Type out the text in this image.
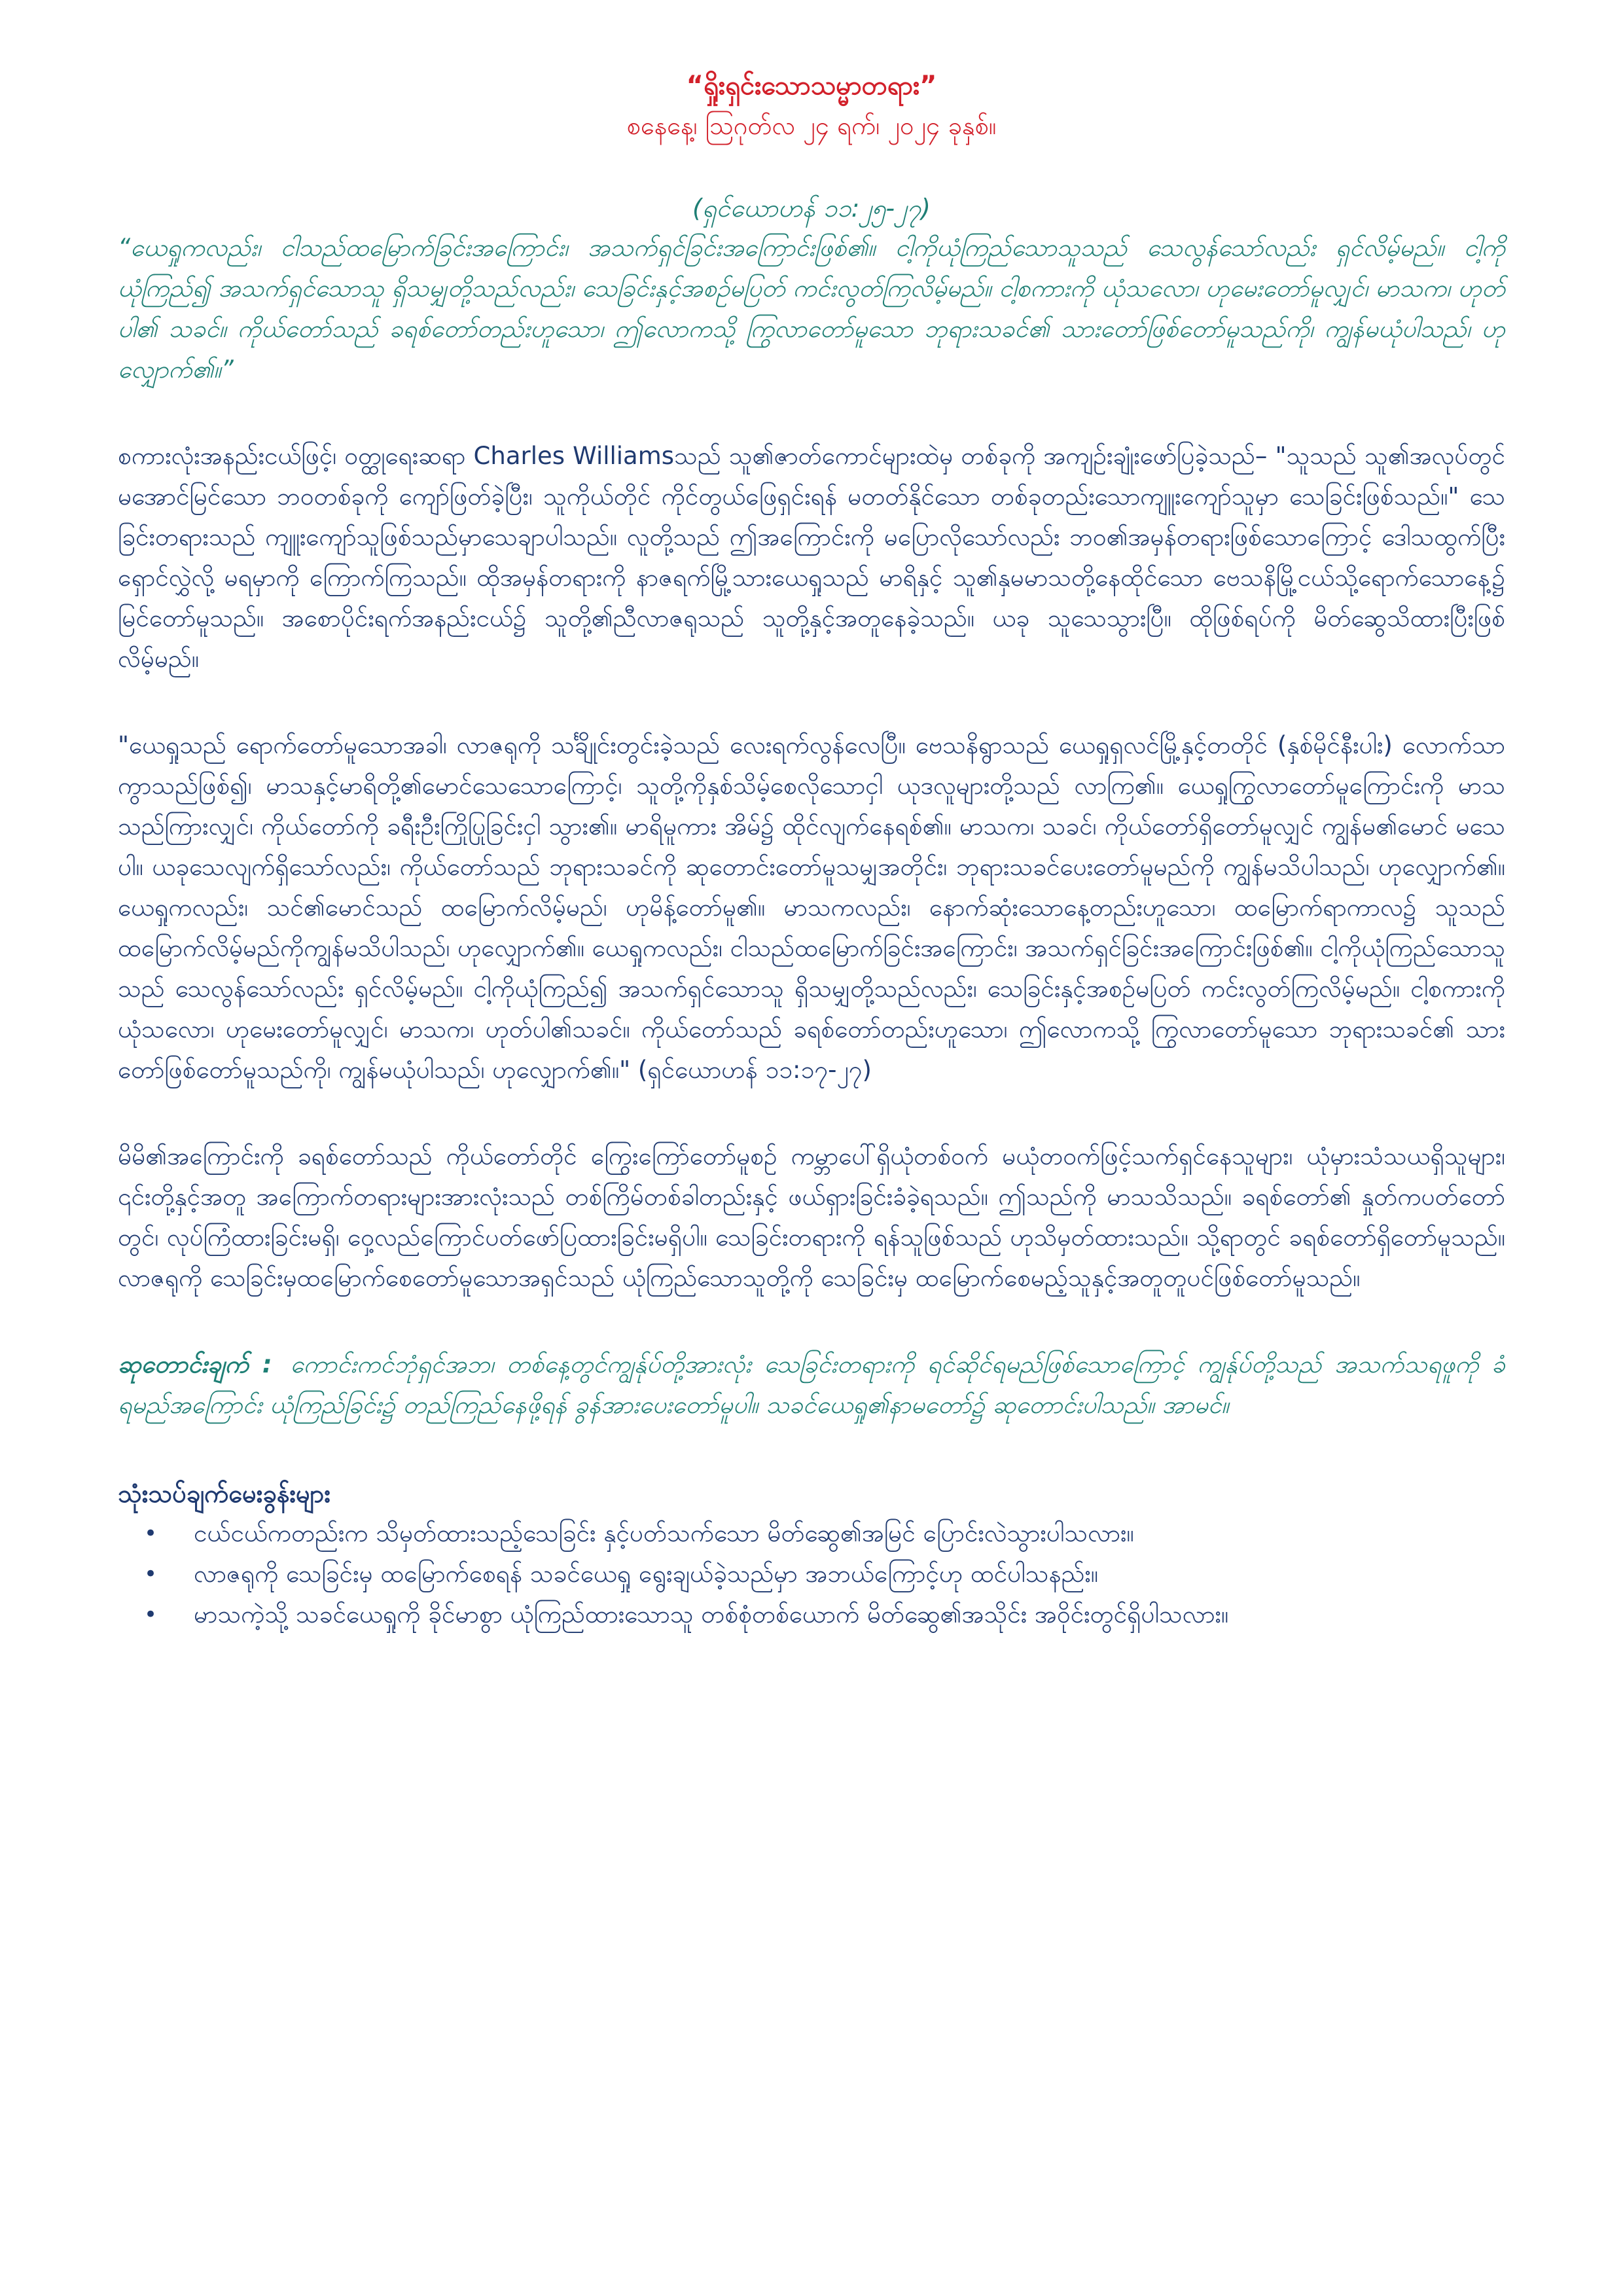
“ရှိုးရှင်းသောသမ္မာတရား”

စနေနေ့၊ ဩဂုတ်လ ၂၄ ရက်၊ ၂၀၂၄ ခုနှစ်။

(ရှင်ယောဟန် ၁၁:၂၅-၂၇)

“ယေရှုကလည်း၊ ငါသည်ထမြောက်ခြင်းအကြောင်း၊ အသက်ရှင်ခြင်းအကြောင်းဖြစ်၏။ ငါ့ကိုယုံကြည်သောသူသည် သေလွန်သော်လည်း ရှင်လိမ့်မည်။ ငါ့ကိုယုံကြည်၍ အသက်ရှင်သောသူ ရှိသမျှတို့သည်လည်း၊ သေခြင်းနှင့်အစဉ်မပြတ် ကင်းလွတ်ကြလိမ့်မည်။ ငါ့စကားကို ယုံသလော၊ ဟုမေးတော်မူလျှင်၊ မာသက၊ ဟုတ်ပါ၏ သခင်။ ကိုယ်တော်သည် ခရစ်တော်တည်းဟူသော၊ ဤလောကသို့ ကြွလာတော်မူသော ဘုရားသခင်၏ သားတော်ဖြစ်တော်မူသည်ကို၊ ကျွန်မယုံပါသည်၊ ဟုလျှောက်၏။”

စကားလုံးအနည်းငယ်ဖြင့်၊ ဝတ္ထုရေးဆရာ Charles Williamsသည် သူ၏ဇာတ်ကောင်များထဲမှ တစ်ခုကို အကျဉ်းချုံးဖော်ပြခဲ့သည်– "သူသည် သူ၏အလုပ်တွင်မအောင်မြင်သော ဘဝတစ်ခုကို ကျော်ဖြတ်ခဲ့ပြီး၊ သူကိုယ်တိုင် ကိုင်တွယ်ဖြေရှင်းရန် မတတ်နိုင်သော တစ်ခုတည်းသောကျူးကျော်သူမှာ သေခြင်းဖြစ်သည်။" သေခြင်းတရားသည် ကျူးကျော်သူဖြစ်သည်မှာသေချာပါသည်။ လူတို့သည် ဤအကြောင်းကို မပြောလိုသော်လည်း ဘဝ၏အမှန်တရားဖြစ်သောကြောင့် ဒေါသထွက်ပြီးရှောင်လွှဲလို့ မရမှာကို ကြောက်ကြသည်။ ထိုအမှန်တရားကို နာဇရက်မြို့သားယေရှုသည် မာရိနှင့် သူ၏နှမမာသတို့နေထိုင်သော ဗေသနိမြို့ငယ်သို့ရောက်သောနေ့၌ မြင်တော်မူသည်။ အစောပိုင်းရက်အနည်းငယ်၌ သူတို့၏ညီလာဇရုသည် သူတို့နှင့်အတူနေခဲ့သည်။ ယခု သူသေသွားပြီ။ ထိုဖြစ်ရပ်ကို မိတ်ဆွေသိထားပြီးဖြစ်လိမ့်မည်။

"ယေရှုသည် ရောက်တော်မူသောအခါ၊ လာဇရုကို သင်္ချိုင်းတွင်းခဲ့သည် လေးရက်လွန်လေပြီ။ ဗေသနိရွာသည် ယေရှုရှလင်မြို့နှင့်တတိုင် (နှစ်မိုင်နီးပါး) လောက်သာ ကွာသည်ဖြစ်၍၊ မာသနှင့်မာရိတို့၏မောင်သေသောကြောင့်၊ သူတို့ကိုနှစ်သိမ့်စေလိုသောငှါ ယုဒလူများတို့သည် လာကြ၏။ ယေရှုကြွလာတော်မူကြောင်းကို မာသသည်ကြားလျှင်၊ ကိုယ်တော်ကို ခရီးဦးကြိုပြုခြင်းငှါ သွား၏။ မာရိမူကား အိမ်၌ ထိုင်လျက်နေရစ်၏။ မာသက၊ သခင်၊ ကိုယ်တော်ရှိတော်မူလျှင် ကျွန်မ၏မောင် မသေပါ။ ယခုသေလျက်ရှိသော်လည်း၊ ကိုယ်တော်သည် ဘုရားသခင်ကို ဆုတောင်းတော်မူသမျှအတိုင်း၊ ဘုရားသခင်ပေးတော်မူမည်ကို ကျွန်မသိပါသည်၊ ဟုလျှောက်၏။ ယေရှုကလည်း၊ သင်၏မောင်သည် ထမြောက်လိမ့်မည်၊ ဟုမိန့်တော်မူ၏။ မာသကလည်း၊ နောက်ဆုံးသောနေ့တည်းဟူသော၊ ထမြောက်ရာကာလ၌ သူသည်ထမြောက်လိမ့်မည်ကိုကျွန်မသိပါသည်၊ ဟုလျှောက်၏။ ယေရှုကလည်း၊ ငါသည်ထမြောက်ခြင်းအကြောင်း၊ အသက်ရှင်ခြင်းအကြောင်းဖြစ်၏။ ငါ့ကိုယုံကြည်သောသူသည် သေလွန်သော်လည်း ရှင်လိမ့်မည်။ ငါ့ကိုယုံကြည်၍ အသက်ရှင်သောသူ ရှိသမျှတို့သည်လည်း၊ သေခြင်းနှင့်အစဉ်မပြတ် ကင်းလွတ်ကြလိမ့်မည်။ ငါ့စကားကို ယုံသလော၊ ဟုမေးတော်မူလျှင်၊ မာသက၊ ဟုတ်ပါ၏သခင်။ ကိုယ်တော်သည် ခရစ်တော်တည်းဟူသော၊ ဤလောကသို့ ကြွလာတော်မူသော ဘုရားသခင်၏ သားတော်ဖြစ်တော်မူသည်ကို၊ ကျွန်မယုံပါသည်၊ ဟုလျှောက်၏။" (ရှင်ယောဟန် ၁၁:၁၇-၂၇)

မိမိ၏အကြောင်းကို ခရစ်တော်သည် ကိုယ်တော်တိုင် ကြွေးကြော်တော်မူစဉ် ကမ္ဘာပေါ်ရှိယုံတစ်ဝက် မယုံတဝက်ဖြင့်သက်ရှင်နေသူများ၊ ယုံမှားသံသယရှိသူများ၊ ၎င်းတို့နှင့်အတူ အကြောက်တရားများအားလုံးသည် တစ်ကြိမ်တစ်ခါတည်းနှင့် ဖယ်ရှားခြင်းခံခဲ့ရသည်။ ဤသည်ကို မာသသိသည်။ ခရစ်တော်၏ နှုတ်ကပတ်တော်တွင်၊ လုပ်ကြံထားခြင်းမရှိ၊ ဝှေ့လည်ကြောင်ပတ်ဖော်ပြထားခြင်းမရှိပါ။ သေခြင်းတရားကို ရန်သူဖြစ်သည် ဟုသိမှတ်ထားသည်။ သို့ရာတွင် ခရစ်တော်ရှိတော်မူသည်။ လာဇရုကို သေခြင်းမှထမြောက်စေတော်မူသောအရှင်သည် ယုံကြည်သောသူတို့ကို သေခြင်းမှ ထမြောက်စေမည့်သူနှင့်အတူတူပင်ဖြစ်တော်မူသည်။

ဆုတောင်းချက် : ကောင်းကင်ဘုံရှင်အဘ၊ တစ်နေ့တွင်ကျွန်ုပ်တို့အားလုံး သေခြင်းတရားကို ရင်ဆိုင်ရမည်ဖြစ်သောကြောင့် ကျွန်ုပ်တို့သည် အသက်သရဖူကို ခံရမည်အကြောင်း ယုံကြည်ခြင်း၌ တည်ကြည်နေဖို့ရန် ခွန်အားပေးတော်မူပါ။ သခင်ယေရှု၏နာမတော်၌ ဆုတောင်းပါသည်။ အာမင်။

သုံးသပ်ချက်မေးခွန်းများ
• ငယ်ငယ်ကတည်းက သိမှတ်ထားသည့်သေခြင်း နှင့်ပတ်သက်သော မိတ်ဆွေ၏အမြင် ပြောင်းလဲသွားပါသလား။
• လာဇရုကို သေခြင်းမှ ထမြောက်စေရန် သခင်ယေရှု ရွေးချယ်ခဲ့သည်မှာ အဘယ်ကြောင့်ဟု ထင်ပါသနည်း။
• မာသကဲ့သို့ သခင်ယေရှုကို ခိုင်မာစွာ ယုံကြည်ထားသောသူ တစ်စုံတစ်ယောက် မိတ်ဆွေ၏အသိုင်း အဝိုင်းတွင်ရှိပါသလား။
